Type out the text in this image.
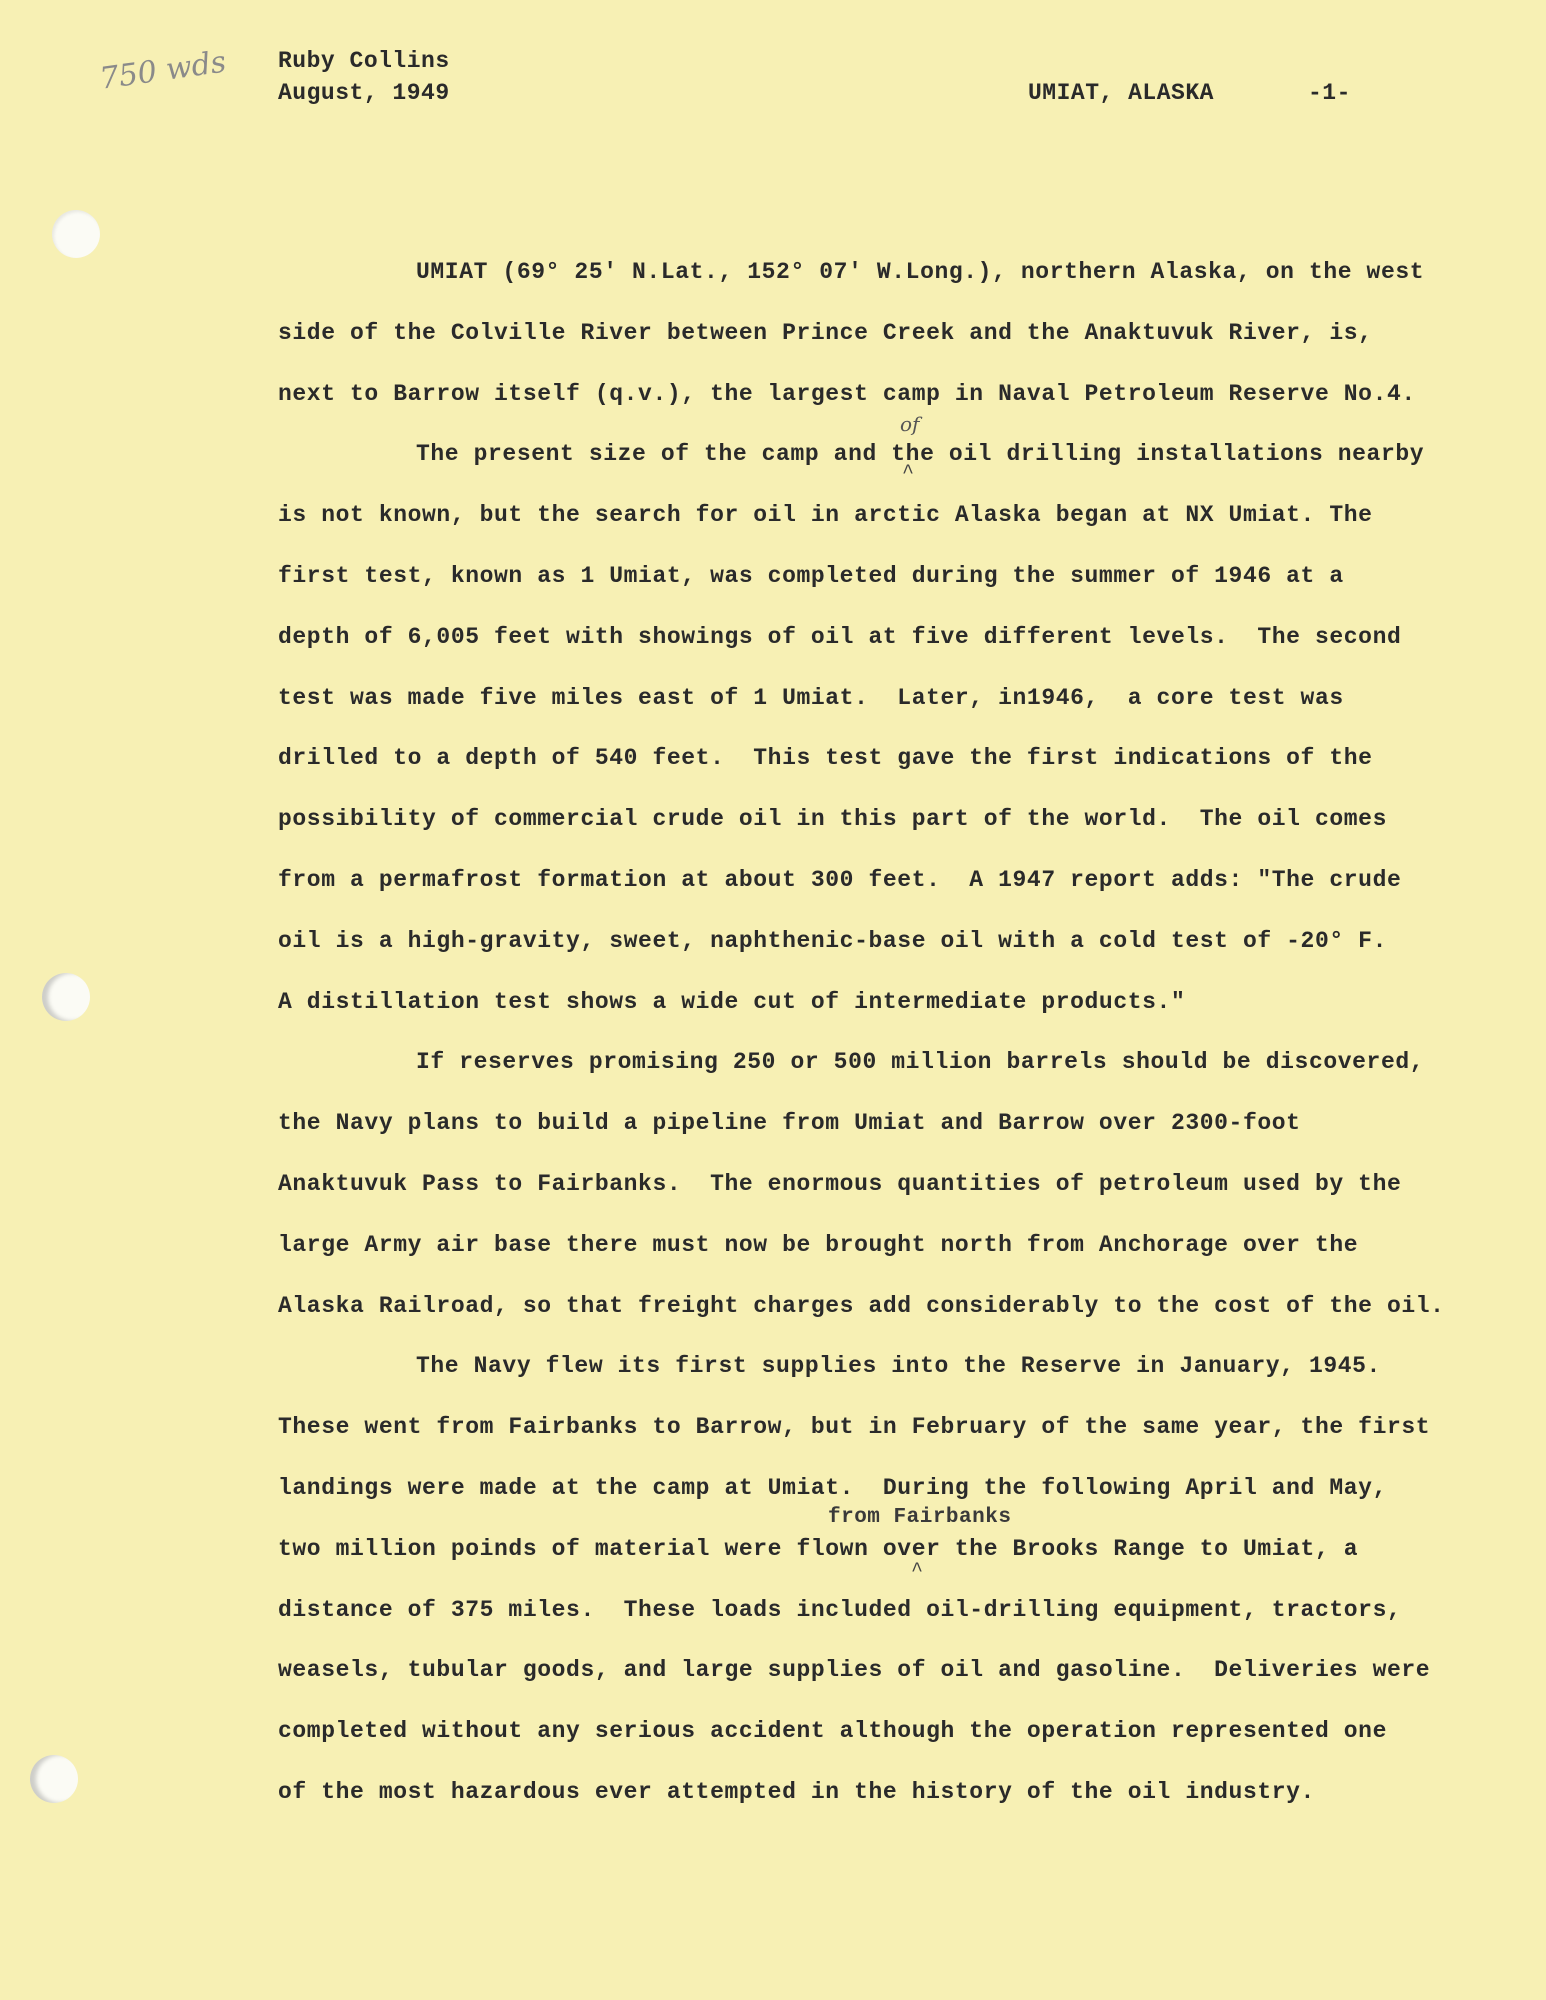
750 wds Ruby Collins
August, 1949	UMIAT, ALASKA	-1-
of
^
from Fairbanks
^
UMIAT (69° 25' N.Lat., 152° 07' W.Long.), northern Alaska, on the west
side of the Colville River between Prince Creek and the Anaktuvuk River, is,
next to Barrow itself (q.v.), the largest camp in Naval Petroleum Reserve No.4.
The present size of the camp and the oil drilling installations nearby
is not known, but the search for oil in arctic Alaska began at NX Umiat. The
first test, known as 1 Umiat, was completed during the summer of 1946 at a
depth of 6,005 feet with showings of oil at five different levels.  The second
test was made five miles east of 1 Umiat.  Later, in1946,  a core test was
drilled to a depth of 540 feet.  This test gave the first indications of the
possibility of commercial crude oil in this part of the world.  The oil comes
from a permafrost formation at about 300 feet.  A 1947 report adds: "The crude
oil is a high-gravity, sweet, naphthenic-base oil with a cold test of -20° F.
A distillation test shows a wide cut of intermediate products."
If reserves promising 250 or 500 million barrels should be discovered,
the Navy plans to build a pipeline from Umiat and Barrow over 2300-foot
Anaktuvuk Pass to Fairbanks.  The enormous quantities of petroleum used by the
large Army air base there must now be brought north from Anchorage over the
Alaska Railroad, so that freight charges add considerably to the cost of the oil.
The Navy flew its first supplies into the Reserve in January, 1945.
These went from Fairbanks to Barrow, but in February of the same year, the first
landings were made at the camp at Umiat.  During the following April and May,
two million poinds of material were flown over the Brooks Range to Umiat, a
distance of 375 miles.  These loads included oil-drilling equipment, tractors,
weasels, tubular goods, and large supplies of oil and gasoline.  Deliveries were
completed without any serious accident although the operation represented one
of the most hazardous ever attempted in the history of the oil industry.
